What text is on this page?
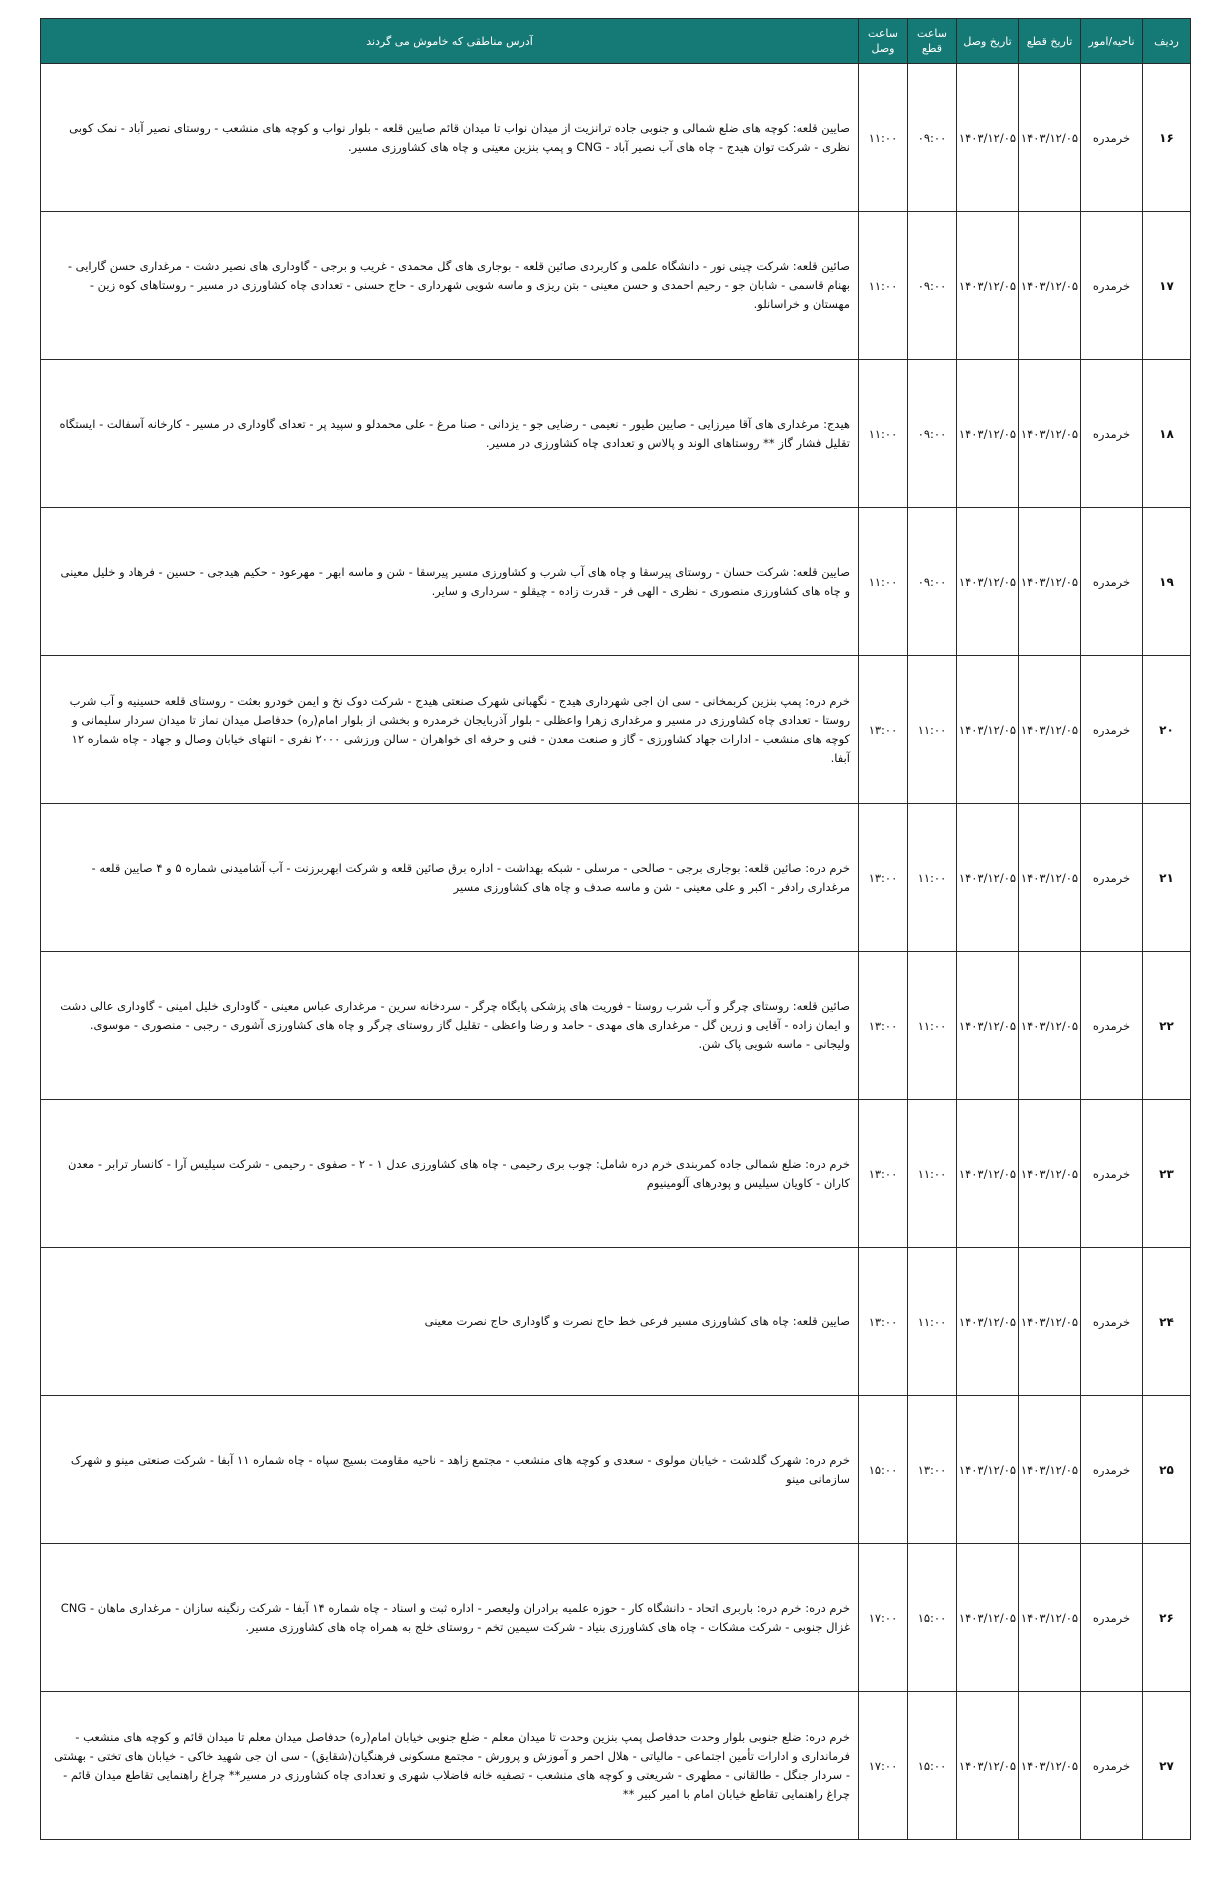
ردیف	ناحیه/امور	تاریخ قطع	تاریخ وصل	ساعت قطع	ساعت وصل	آدرس مناطقی که خاموش می گردند
۱۶	خرمدره	۱۴۰۳/۱۲/۰۵	۱۴۰۳/۱۲/۰۵	۰۹:۰۰	۱۱:۰۰	صایین قلعه: کوچه های ضلع شمالی و جنوبی جاده ترانزیت از میدان نواب تا میدان قائم صایین قلعه - بلوار نواب و کوچه های منشعب - روستای نصیر آباد - نمک کوبی نظری - شرکت توان هیدج - چاه های آب نصیر آباد - CNG و پمپ بنزین معینی و چاه های کشاورزی مسیر.
۱۷	خرمدره	۱۴۰۳/۱۲/۰۵	۱۴۰۳/۱۲/۰۵	۰۹:۰۰	۱۱:۰۰	صائین قلعه: شرکت چینی نور - دانشگاه علمی و کاربردی صائین قلعه - بوجاری های گل محمدی - غریب و برجی - گاوداری های نصیر دشت - مرغداری حسن گارایی - بهنام قاسمی - شابان جو - رحیم احمدی و حسن معینی - بتن ریزی و ماسه شویی شهرداری - حاج حسنی - تعدادی چاه کشاورزی در مسیر - روستاهای کوه زین - مهستان و خراسانلو.
۱۸	خرمدره	۱۴۰۳/۱۲/۰۵	۱۴۰۳/۱۲/۰۵	۰۹:۰۰	۱۱:۰۰	هیدج: مرغداری های آقا میرزایی - صایین طیور - نعیمی - رضایی جو - یزدانی - صنا مرغ - علی محمدلو و سپید پر - تعدای گاوداری در مسیر - کارخانه آسفالت - ایستگاه تقلیل فشار گاز ** روستاهای الوند و پالاس و تعدادی چاه کشاورزی در مسیر.
۱۹	خرمدره	۱۴۰۳/۱۲/۰۵	۱۴۰۳/۱۲/۰۵	۰۹:۰۰	۱۱:۰۰	صایین قلعه: شرکت حسان - روستای پیرسقا و چاه های آب شرب و کشاورزی مسیر پیرسقا - شن و ماسه ابهر - مهرعود - حکیم هیدجی - حسین - فرهاد و خلیل معینی و چاه های کشاورزی منصوری - نظری - الهی فر - قدرت زاده - چیقلو - سرداری و سایر.
۲۰	خرمدره	۱۴۰۳/۱۲/۰۵	۱۴۰۳/۱۲/۰۵	۱۱:۰۰	۱۳:۰۰	خرم دره: پمپ بنزین کربمخانی - سی ان اجی شهرداری هیدج - نگهبانی شهرک صنعتی هیدج - شرکت دوک نخ و ایمن خودرو بعثت - روستای قلعه حسینیه و آب شرب روستا - تعدادی چاه کشاورزی در مسیر و مرغداری زهرا واعظلی - بلوار آذربایجان خرمدره و بخشی از بلوار امام(ره) حدفاصل میدان نماز تا میدان سردار سلیمانی و کوچه های منشعب - ادارات جهاد کشاورزی - گاز و صنعت معدن - فنی و حرفه ای خواهران - سالن ورزشی ۲۰۰۰ نفری - انتهای خیابان وصال و جهاد - چاه شماره ۱۲ آبفا.
۲۱	خرمدره	۱۴۰۳/۱۲/۰۵	۱۴۰۳/۱۲/۰۵	۱۱:۰۰	۱۳:۰۰	خرم دره: صائین قلعه: بوجاری برجی - صالحی - مرسلی - شبکه بهداشت - اداره برق صائین قلعه و شرکت ابهربرزنت - آب آشامیدنی شماره ۵ و ۴ صایین قلعه - مرغداری رادفر - اکبر و علی معینی - شن و ماسه صدف و چاه های کشاورزی مسیر
۲۲	خرمدره	۱۴۰۳/۱۲/۰۵	۱۴۰۳/۱۲/۰۵	۱۱:۰۰	۱۳:۰۰	صائین قلعه: روستای چرگر و آب شرب روستا - فوریت های پزشکی پایگاه چرگر - سردخانه سرین - مرغداری عباس معینی - گاوداری خلیل امینی - گاوداری عالی دشت و ایمان زاده - آقایی و زرین گل - مرغداری های مهدی - حامد و رضا واعظی - تقلیل گاز روستای چرگر و چاه های کشاورزی آشوری - رجبی - منصوری - موسوی. ولیجانی - ماسه شویی پاک شن.
۲۳	خرمدره	۱۴۰۳/۱۲/۰۵	۱۴۰۳/۱۲/۰۵	۱۱:۰۰	۱۳:۰۰	خرم دره: ضلع شمالی جاده کمربندی خرم دره شامل: چوب بری رحیمی - چاه های کشاورزی عدل ۱ - ۲ - صفوی - رحیمی - شرکت سیلیس آرا - کانسار ترابر - معدن کاران - کاویان سیلیس و پودرهای آلومینیوم
۲۴	خرمدره	۱۴۰۳/۱۲/۰۵	۱۴۰۳/۱۲/۰۵	۱۱:۰۰	۱۳:۰۰	صایین قلعه: چاه های کشاورزی مسیر فرعی خط حاج نصرت و گاوداری حاج نصرت معینی
۲۵	خرمدره	۱۴۰۳/۱۲/۰۵	۱۴۰۳/۱۲/۰۵	۱۳:۰۰	۱۵:۰۰	خرم دره: شهرک گلدشت - خیابان مولوی - سعدی و کوچه های منشعب - مجتمع زاهد - ناحیه مقاومت بسیج سپاه - چاه شماره ۱۱ آبفا - شرکت صنعتی مینو و شهرک سازمانی مینو
۲۶	خرمدره	۱۴۰۳/۱۲/۰۵	۱۴۰۳/۱۲/۰۵	۱۵:۰۰	۱۷:۰۰	خرم دره: خرم دره: باربری اتحاد - دانشگاه کار - حوزه علمیه برادران ولیعصر - اداره ثبت و اسناد - چاه شماره ۱۴ آبفا - شرکت رنگینه سازان - مرغداری ماهان - CNG غزال جنوبی - شرکت مشکات - چاه های کشاورزی بنیاد - شرکت سیمین تخم - روستای خلج به همراه چاه های کشاورزی مسیر.
۲۷	خرمدره	۱۴۰۳/۱۲/۰۵	۱۴۰۳/۱۲/۰۵	۱۵:۰۰	۱۷:۰۰	خرم دره: ضلع جنوبی بلوار وحدت حدفاصل پمپ بنزین وحدت تا میدان معلم - ضلع جنوبی خیابان امام(ره) حدفاصل میدان معلم تا میدان قائم و کوچه های منشعب - فرمانداری و ادارات تأمین اجتماعی - مالیاتی - هلال احمر و آموزش و پرورش - مجتمع مسکونی فرهنگیان(شقایق) - سی ان جی شهید خاکی - خیابان های تختی - بهشتی - سردار جنگل - طالقانی - مطهری - شریعتی و کوچه های منشعب - تصفیه خانه فاضلاب شهری و تعدادی چاه کشاورزی در مسیر** چراغ راهنمایی تقاطع میدان قائم - چراغ راهنمایی تقاطع خیابان امام با امیر کبیر **
